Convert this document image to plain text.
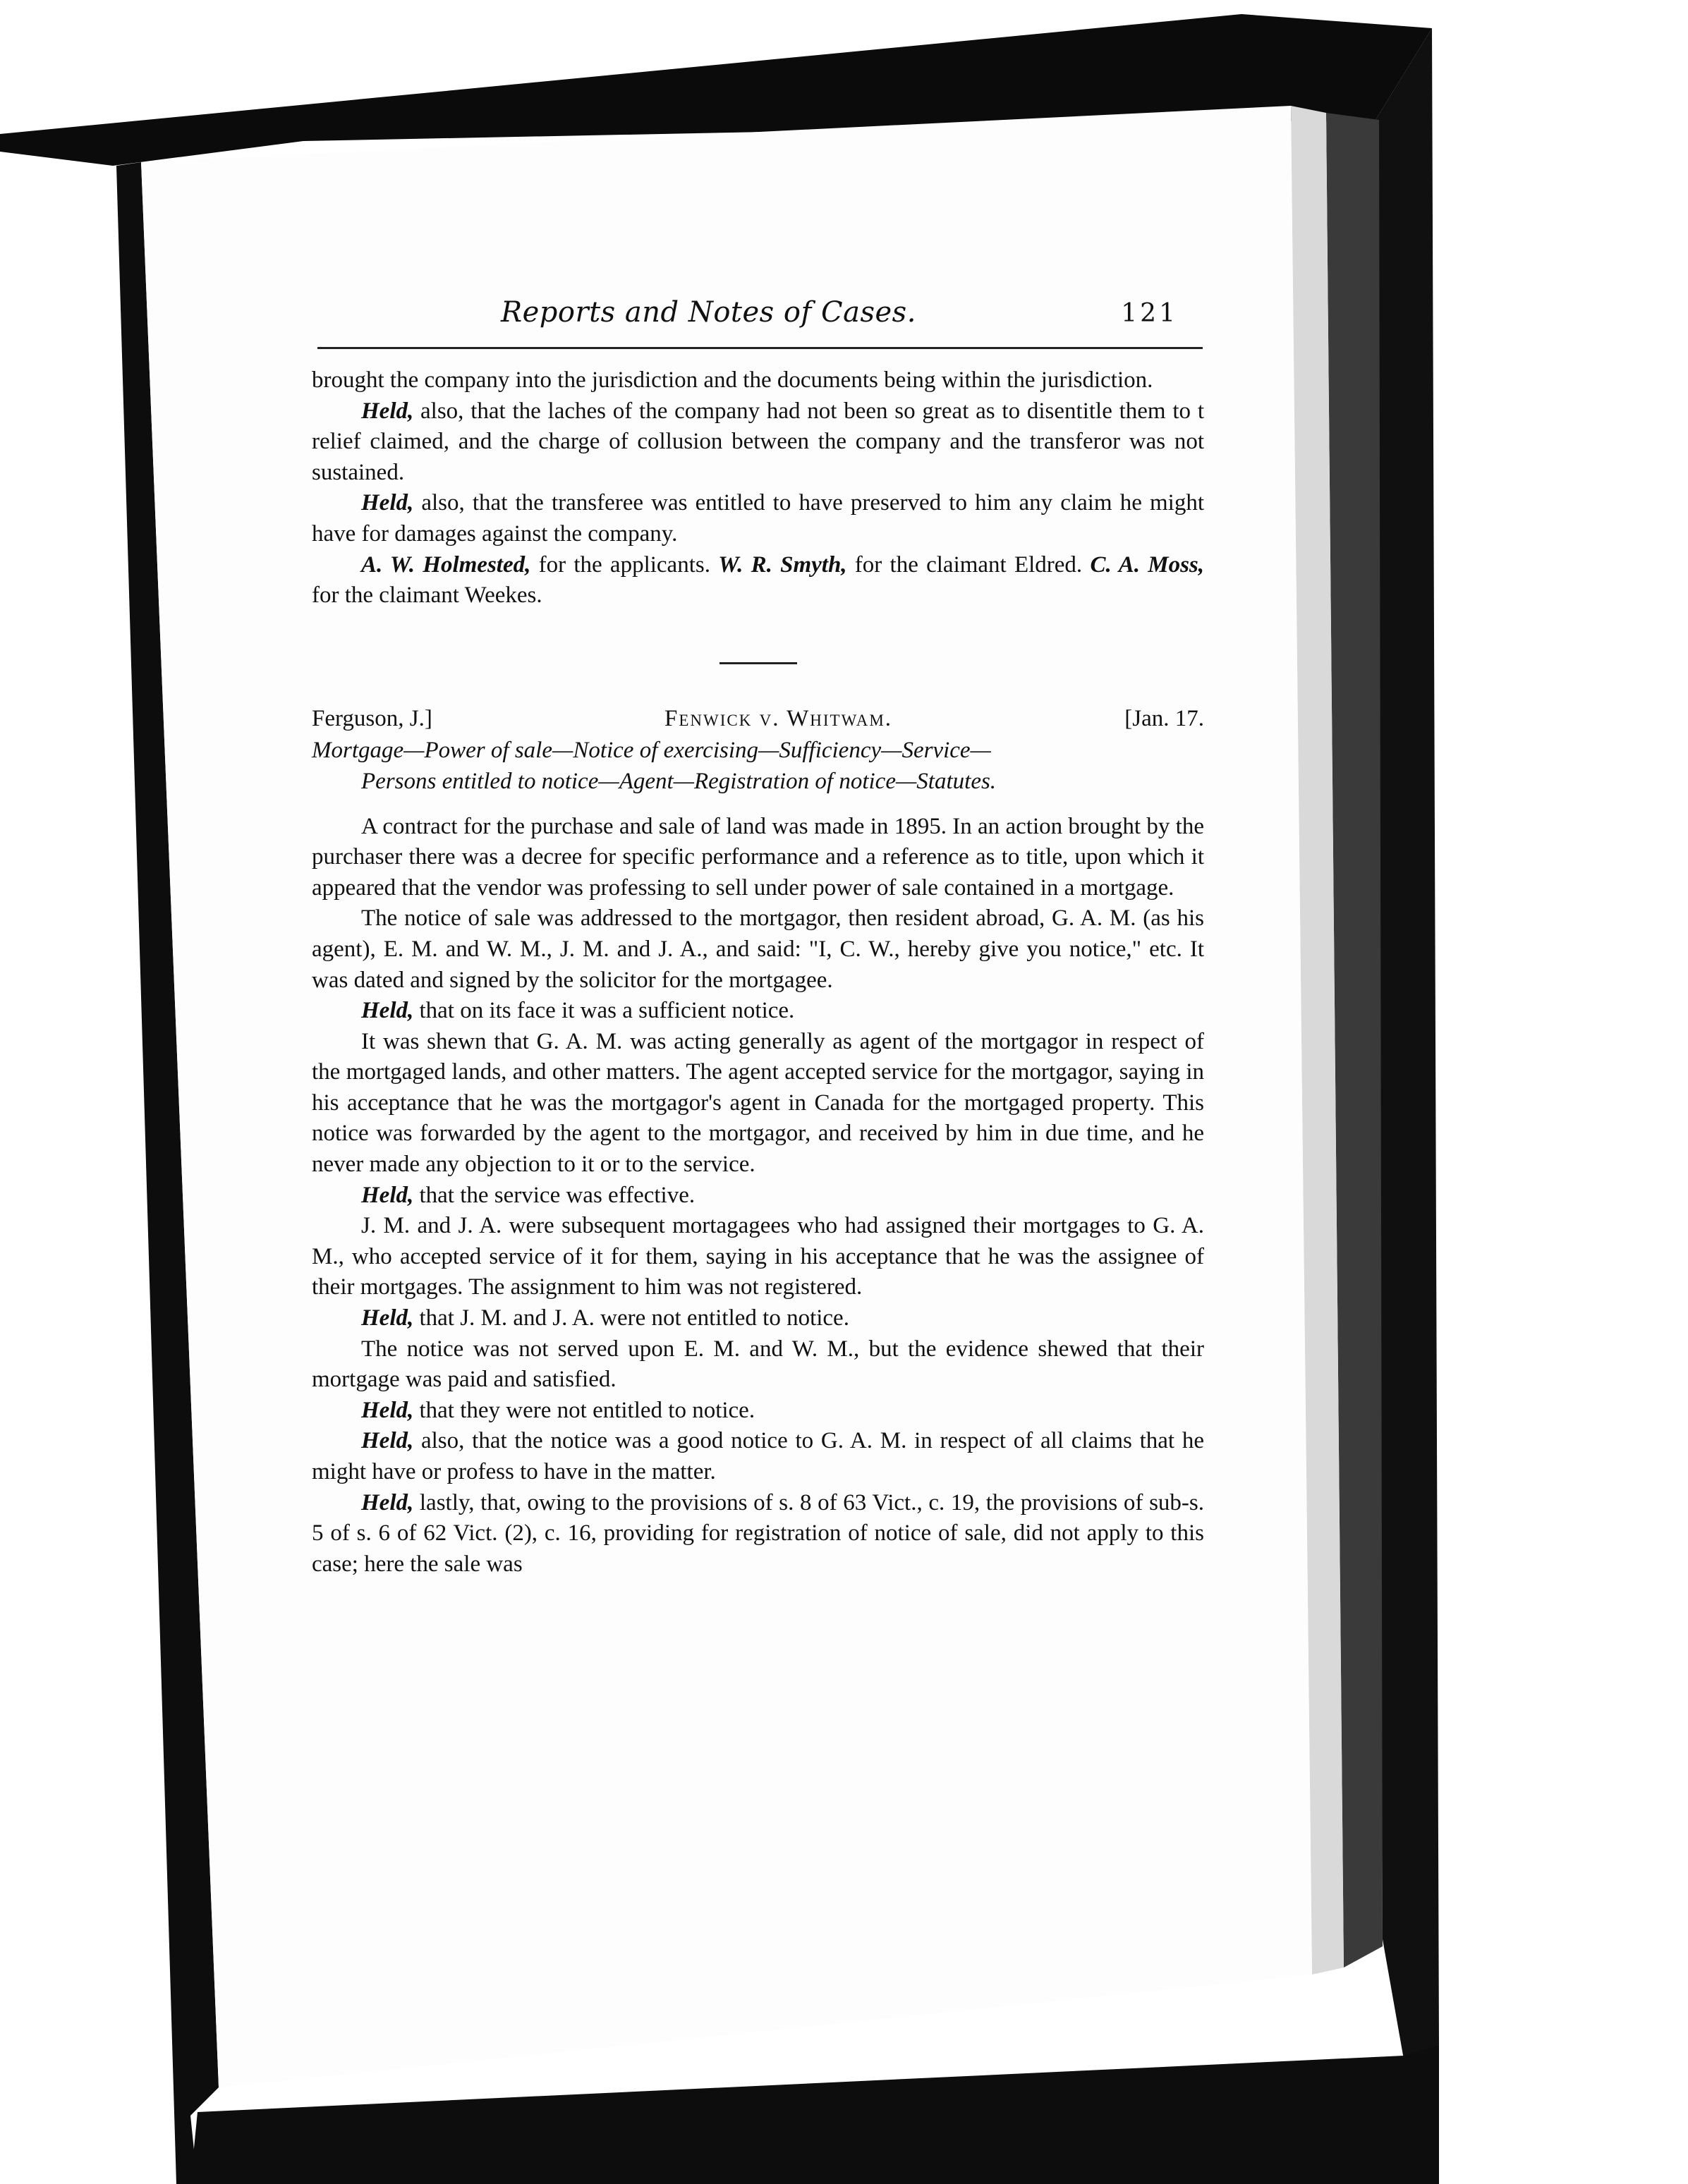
Reports and Notes of Cases.	121

brought the company into the jurisdiction and the documents being within the jurisdiction.

Held, also, that the laches of the company had not been so great as to disentitle them to t relief claimed, and the charge of collusion between the company and the transferor was not sustained.

Held, also, that the transferee was entitled to have preserved to him any claim he might have for damages against the company.

A. W. Holmested, for the applicants. W. R. Smyth, for the claimant Eldred. C. A. Moss, for the claimant Weekes.

Ferguson, J.]	Fenwick v. Whitwam.	[Jan. 17.

Mortgage—Power of sale—Notice of exercising—Sufficiency—Service—
Persons entitled to notice—Agent—Registration of notice—Statutes.

A contract for the purchase and sale of land was made in 1895. In an action brought by the purchaser there was a decree for specific performance and a reference as to title, upon which it appeared that the vendor was professing to sell under power of sale contained in a mortgage.

The notice of sale was addressed to the mortgagor, then resident abroad, G. A. M. (as his agent), E. M. and W. M., J. M. and J. A., and said: "I, C. W., hereby give you notice," etc. It was dated and signed by the solicitor for the mortgagee.

Held, that on its face it was a sufficient notice.

It was shewn that G. A. M. was acting generally as agent of the mortgagor in respect of the mortgaged lands, and other matters. The agent accepted service for the mortgagor, saying in his acceptance that he was the mortgagor's agent in Canada for the mortgaged property. This notice was forwarded by the agent to the mortgagor, and received by him in due time, and he never made any objection to it or to the service.

Held, that the service was effective.

J. M. and J. A. were subsequent mortagagees who had assigned their mortgages to G. A. M., who accepted service of it for them, saying in his acceptance that he was the assignee of their mortgages. The assignment to him was not registered.

Held, that J. M. and J. A. were not entitled to notice.

The notice was not served upon E. M. and W. M., but the evidence shewed that their mortgage was paid and satisfied.

Held, that they were not entitled to notice.

Held, also, that the notice was a good notice to G. A. M. in respect of all claims that he might have or profess to have in the matter.

Held, lastly, that, owing to the provisions of s. 8 of 63 Vict., c. 19, the provisions of sub-s. 5 of s. 6 of 62 Vict. (2), c. 16, providing for registration of notice of sale, did not apply to this case; here the sale was
